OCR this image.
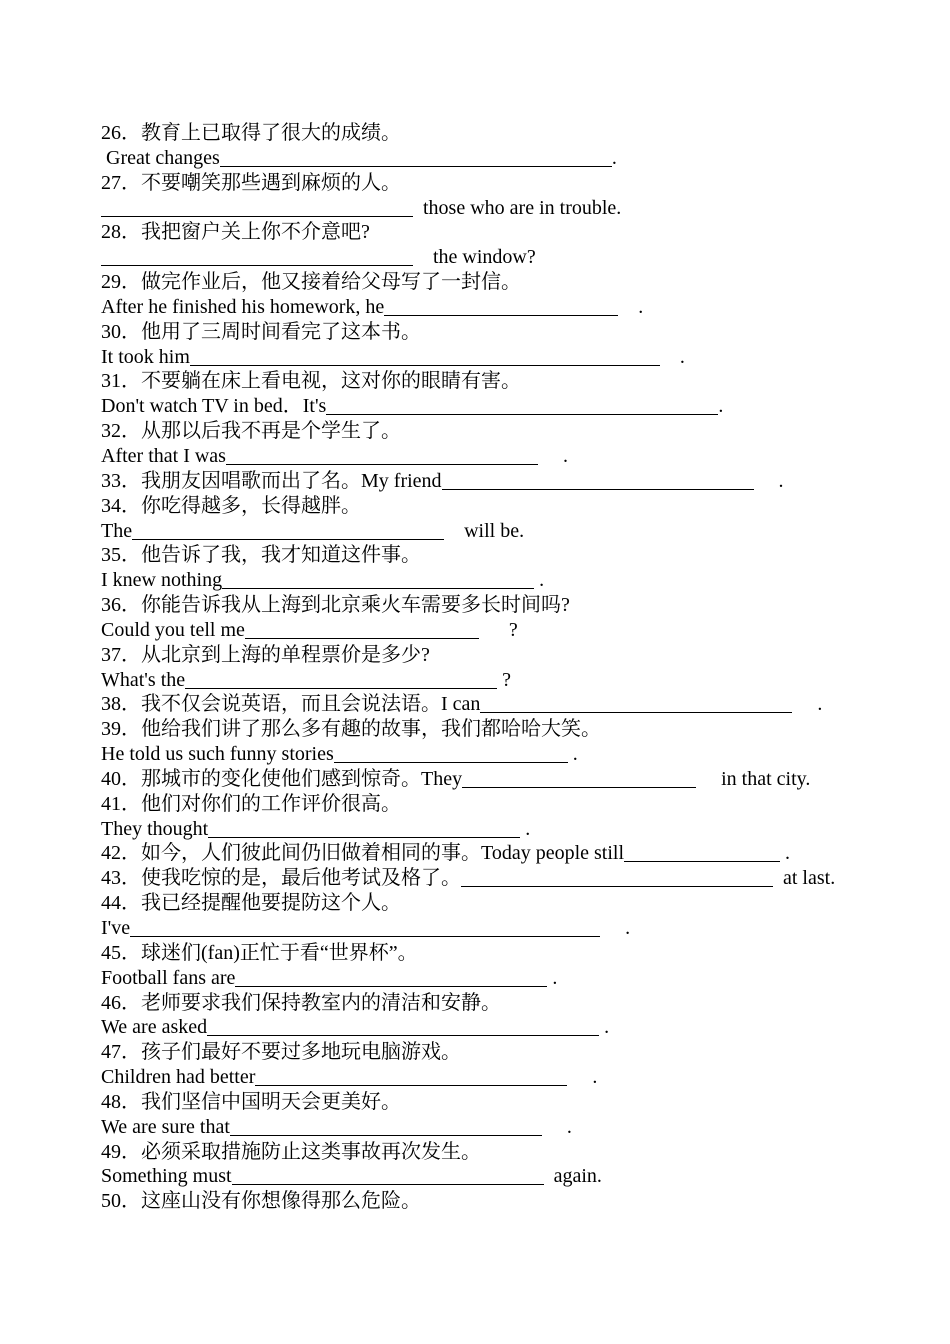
26．教育上已取得了很大的成绩。
Great changes	.
27．不要嘲笑那些遇到麻烦的人。
those who are in trouble.
28．我把窗户关上你不介意吧?
the window?
29．做完作业后，他又接着给父母写了一封信。
After he finished his homework, he	.
30．他用了三周时间看完了这本书。
It took him	.
31．不要躺在床上看电视，这对你的眼睛有害。
Don't watch TV in bed．It's	.
32．从那以后我不再是个学生了。
After that I was	.
33．我朋友因唱歌而出了名。My friend	.
34．你吃得越多，长得越胖。
The	will be.
35．他告诉了我，我才知道这件事。
I knew nothing	.
36．你能告诉我从上海到北京乘火车需要多长时间吗?
Could you tell me	?
37．从北京到上海的单程票价是多少?
What's the	?
38．我不仅会说英语，而且会说法语。I can	.
39．他给我们讲了那么多有趣的故事，我们都哈哈大笑。
He told us such funny stories	.
40．那城市的变化使他们感到惊奇。They	in that city.
41．他们对你们的工作评价很高。
They thought	.
42．如今，人们彼此间仍旧做着相同的事。Today people still	.
43．使我吃惊的是，最后他考试及格了。	at last.
44．我已经提醒他要提防这个人。
I've	.
45．球迷们(fan)正忙于看“世界杯”。
Football fans are	.
46．老师要求我们保持教室内的清洁和安静。
We are asked	.
47．孩子们最好不要过多地玩电脑游戏。
Children had better	.
48．我们坚信中国明天会更美好。
We are sure that	.
49．必须采取措施防止这类事故再次发生。
Something must	again.
50．这座山没有你想像得那么危险。
